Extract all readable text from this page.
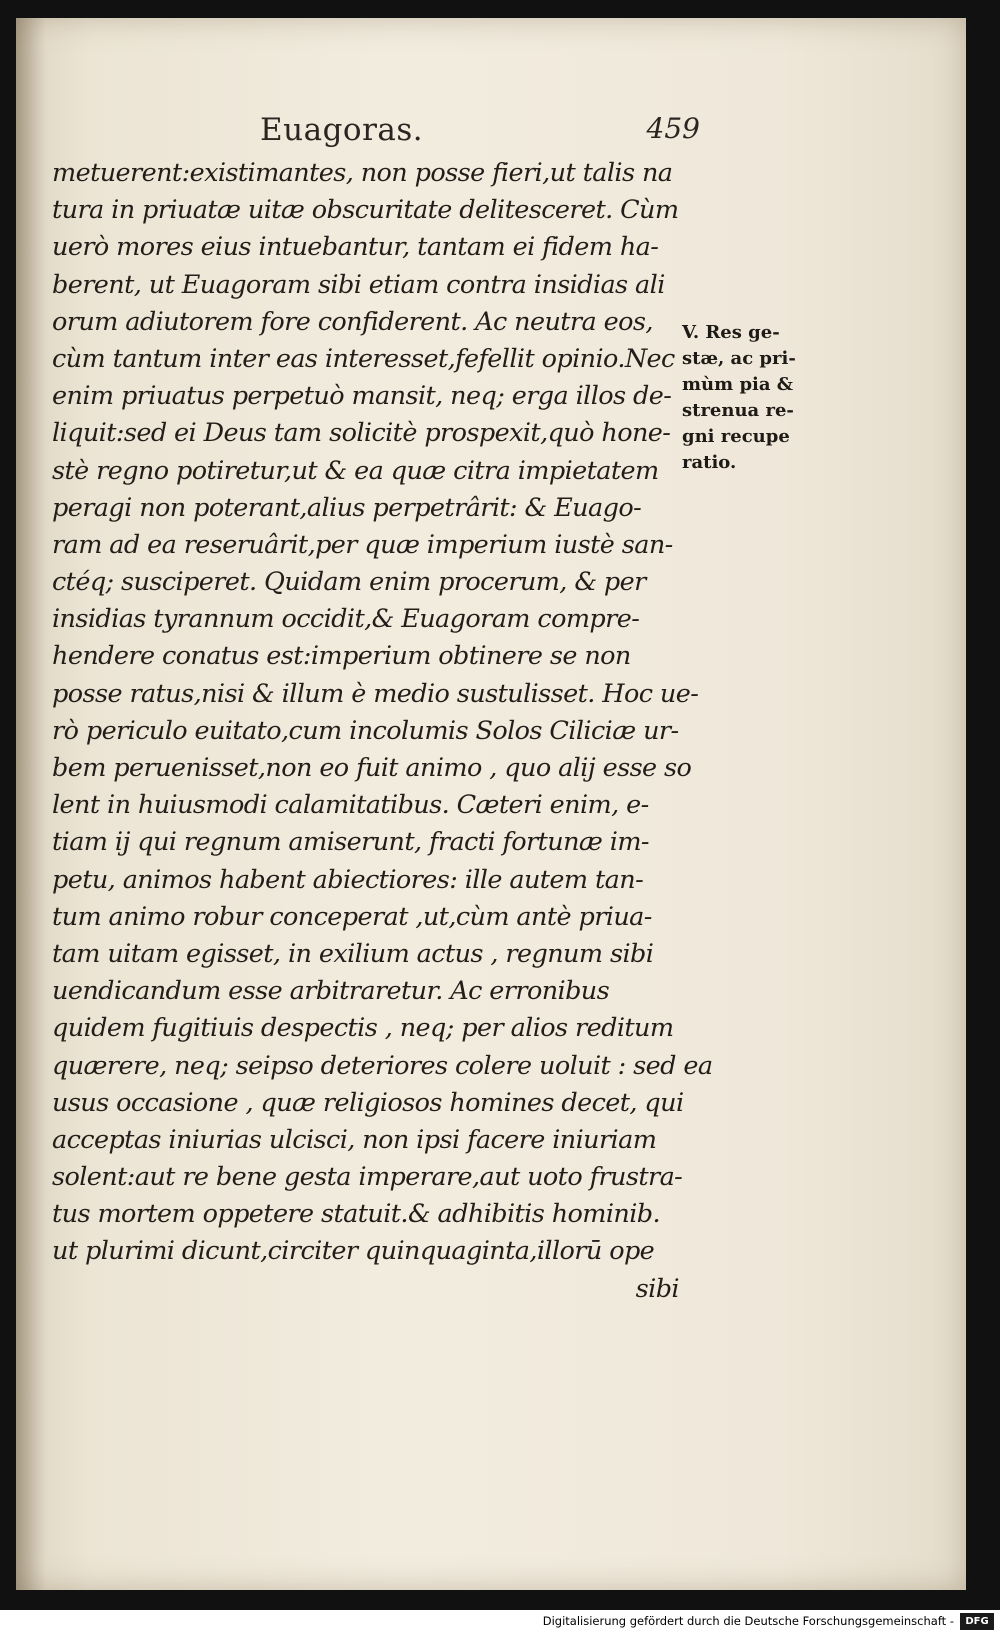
Euagoras.	459
metuerent:existimantes, non posse fieri,ut talis na
tura in priuatæ uitæ obscuritate delitesceret. Cùm
uerò mores eius intuebantur, tantam ei fidem ha-
berent, ut Euagoram sibi etiam contra insidias ali
orum adiutorem fore confiderent. Ac neutra eos,
cùm tantum inter eas interesset,fefellit opinio.Nec
enim priuatus perpetuò mansit, neq; erga illos de-
liquit:sed ei Deus tam solicitè prospexit,quò hone-
stè regno potiretur,ut & ea quæ citra impietatem
peragi non poterant,alius perpetrârit: & Euago-
ram ad ea reseruârit,per quæ imperium iustè san-
ctéq; susciperet. Quidam enim procerum, & per
insidias tyrannum occidit,& Euagoram compre-
hendere conatus est:imperium obtinere se non
posse ratus,nisi & illum è medio sustulisset. Hoc ue-
rò periculo euitato,cum incolumis Solos Ciliciæ ur-
bem peruenisset,non eo fuit animo , quo alij esse so
lent in huiusmodi calamitatibus. Cæteri enim, e-
tiam ij qui regnum amiserunt, fracti fortunæ im-
petu, animos habent abiectiores: ille autem tan-
tum animo robur conceperat ,ut,cùm antè priua-
tam uitam egisset, in exilium actus , regnum sibi
uendicandum esse arbitraretur. Ac erronibus
quidem fugitiuis despectis , neq; per alios reditum
quærere, neq; seipso deteriores colere uoluit : sed ea
usus occasione , quæ religiosos homines decet, qui
acceptas iniurias ulcisci, non ipsi facere iniuriam
solent:aut re bene gesta imperare,aut uoto frustra-
tus mortem oppetere statuit.& adhibitis hominib.
ut plurimi dicunt,circiter quinquaginta,illorū ope
sibi
V. Res ge-
stæ, ac pri-
mùm pia &
strenua re-
gni recupe
ratio.
Digitalisierung gefördert durch die Deutsche Forschungsgemeinschaft -	DFG
